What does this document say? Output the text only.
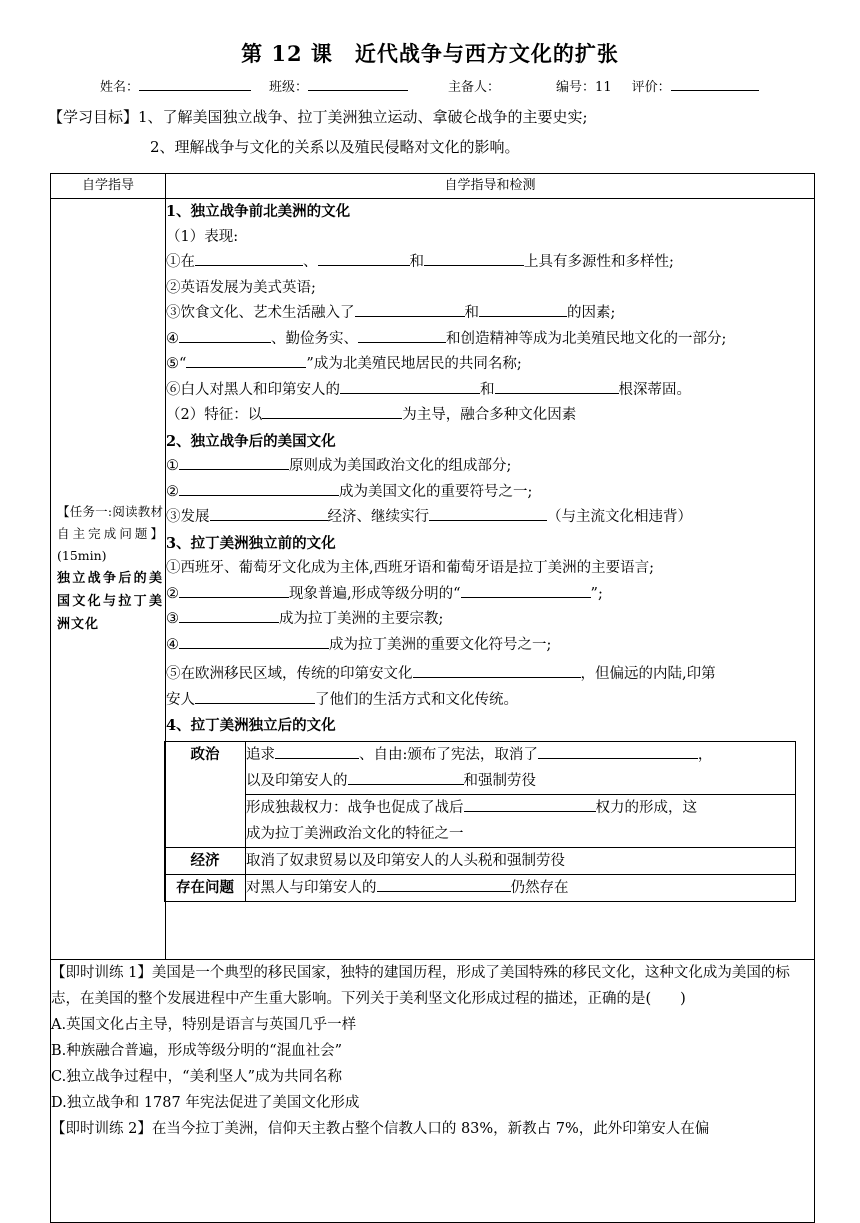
第 12 课　近代战争与西方文化的扩张
姓名：	班级：	主备人：	编号：11 评价：
【学习目标】1、了解美国独立战争、拉丁美洲独立运动、拿破仑战争的主要史实;
2、理解战争与文化的关系以及殖民侵略对文化的影响。
自学指导	自学指导和检测

【任务一:阅读教材自主完成问题】(15min)
独立战争后的美国文化与拉丁美洲文化

1、独立战争前北美洲的文化
（1）表现:
①在	、	和	上具有多源性和多样性;
②英语发展为美式英语;
③饮食文化、艺术生活融入了	和	的因素;
④	、勤俭务实、	和创造精神等成为北美殖民地文化的一部分;
⑤“	”成为北美殖民地居民的共同名称;
⑥白人对黑人和印第安人的	和	根深蒂固。
（2）特征：以	为主导，融合多种文化因素
2、独立战争后的美国文化
①	原则成为美国政治文化的组成部分;
②	成为美国文化的重要符号之一;
③发展	经济、继续实行	（与主流文化相违背）
3、拉丁美洲独立前的文化
①西班牙、葡萄牙文化成为主体,西班牙语和葡萄牙语是拉丁美洲的主要语言;
②	现象普遍,形成等级分明的“	”;
③	成为拉丁美洲的主要宗教;
④	成为拉丁美洲的重要文化符号之一;
⑤在欧洲移民区域，传统的印第安文化	，但偏远的内陆,印第
安人	了他们的生活方式和文化传统。
4、拉丁美洲独立后的文化
政治	追求	、自由:颁布了宪法，取消了	，
以及印第安人的	和强制劳役
形成独裁权力：战争也促成了战后	权力的形成，这
成为拉丁美洲政治文化的特征之一
经济	取消了奴隶贸易以及印第安人的人头税和强制劳役
存在问题	对黑人与印第安人的	仍然存在

【即时训练 1】美国是一个典型的移民国家，独特的建国历程，形成了美国特殊的移民文化，这种文化成为美国的标志，在美国的整个发展进程中产生重大影响。下列关于美利坚文化形成过程的描述，正确的是(　　)

A.英国文化占主导，特别是语言与英国几乎一样

B.种族融合普遍，形成等级分明的“混血社会”

C.独立战争过程中，“美利坚人”成为共同名称

D.独立战争和 1787 年宪法促进了美国文化形成

【即时训练 2】在当今拉丁美洲，信仰天主教占整个信教人口的 83%，新教占 7%，此外印第安人在偏
